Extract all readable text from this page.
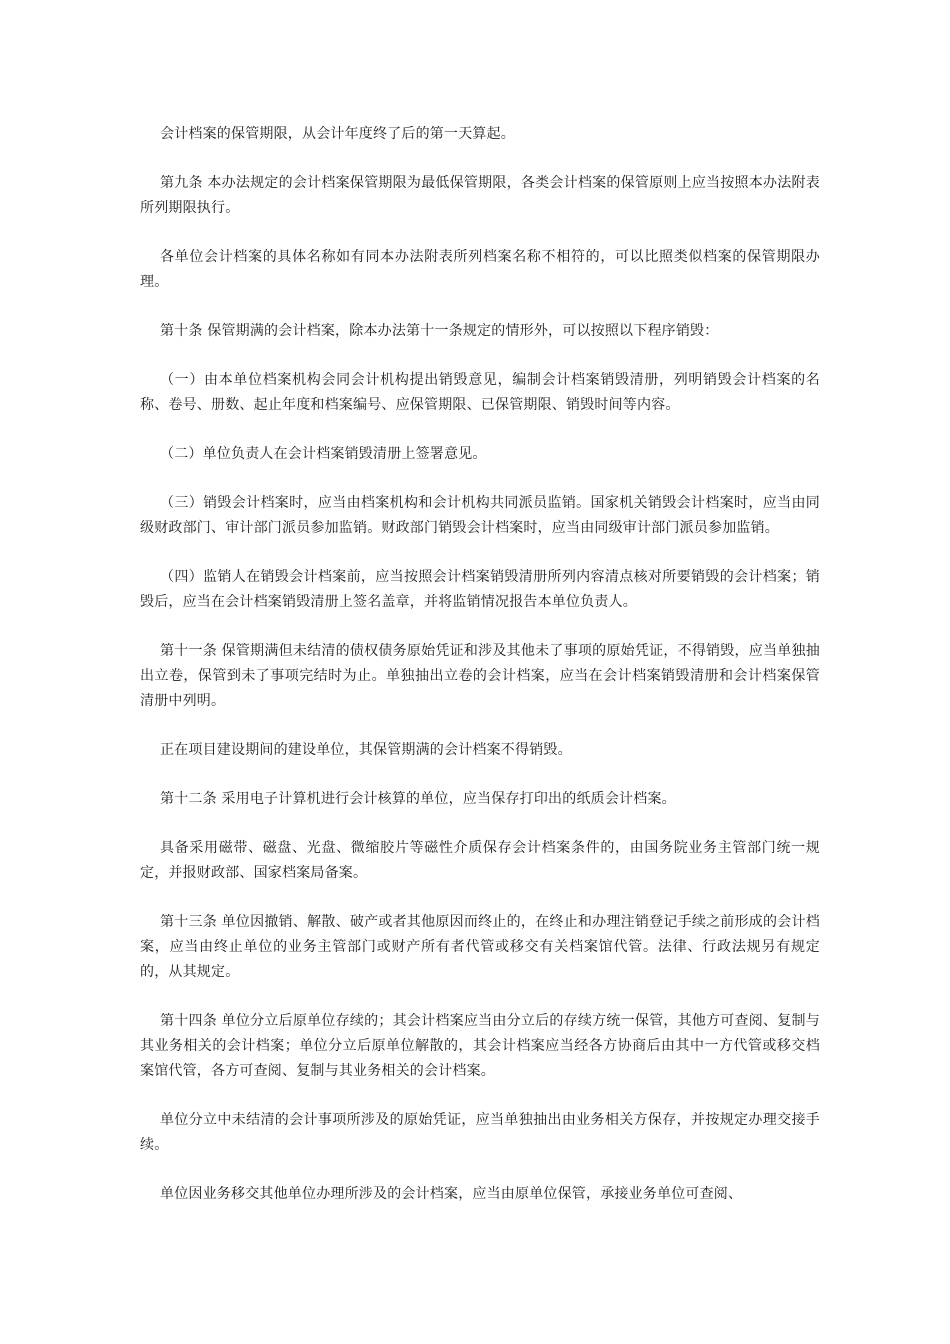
会计档案的保管期限，从会计年度终了后的第一天算起。

第九条 本办法规定的会计档案保管期限为最低保管期限，各类会计档案的保管原则上应当按照本办法附表所列期限执行。

各单位会计档案的具体名称如有同本办法附表所列档案名称不相符的，可以比照类似档案的保管期限办理。

第十条 保管期满的会计档案，除本办法第十一条规定的情形外，可以按照以下程序销毁：

（一）由本单位档案机构会同会计机构提出销毁意见，编制会计档案销毁清册，列明销毁会计档案的名称、卷号、册数、起止年度和档案编号、应保管期限、已保管期限、销毁时间等内容。

（二）单位负责人在会计档案销毁清册上签署意见。

（三）销毁会计档案时，应当由档案机构和会计机构共同派员监销。国家机关销毁会计档案时，应当由同级财政部门、审计部门派员参加监销。财政部门销毁会计档案时，应当由同级审计部门派员参加监销。

（四）监销人在销毁会计档案前，应当按照会计档案销毁清册所列内容清点核对所要销毁的会计档案；销毁后，应当在会计档案销毁清册上签名盖章，并将监销情况报告本单位负责人。

第十一条 保管期满但未结清的债权债务原始凭证和涉及其他未了事项的原始凭证，不得销毁，应当单独抽出立卷，保管到未了事项完结时为止。单独抽出立卷的会计档案，应当在会计档案销毁清册和会计档案保管清册中列明。

正在项目建设期间的建设单位，其保管期满的会计档案不得销毁。

第十二条 采用电子计算机进行会计核算的单位，应当保存打印出的纸质会计档案。

具备采用磁带、磁盘、光盘、微缩胶片等磁性介质保存会计档案条件的，由国务院业务主管部门统一规定，并报财政部、国家档案局备案。

第十三条 单位因撤销、解散、破产或者其他原因而终止的，在终止和办理注销登记手续之前形成的会计档案，应当由终止单位的业务主管部门或财产所有者代管或移交有关档案馆代管。法律、行政法规另有规定的，从其规定。

第十四条 单位分立后原单位存续的；其会计档案应当由分立后的存续方统一保管，其他方可查阅、复制与其业务相关的会计档案；单位分立后原单位解散的，其会计档案应当经各方协商后由其中一方代管或移交档案馆代管，各方可查阅、复制与其业务相关的会计档案。

单位分立中未结清的会计事项所涉及的原始凭证，应当单独抽出由业务相关方保存，并按规定办理交接手续。

单位因业务移交其他单位办理所涉及的会计档案，应当由原单位保管，承接业务单位可查阅、
